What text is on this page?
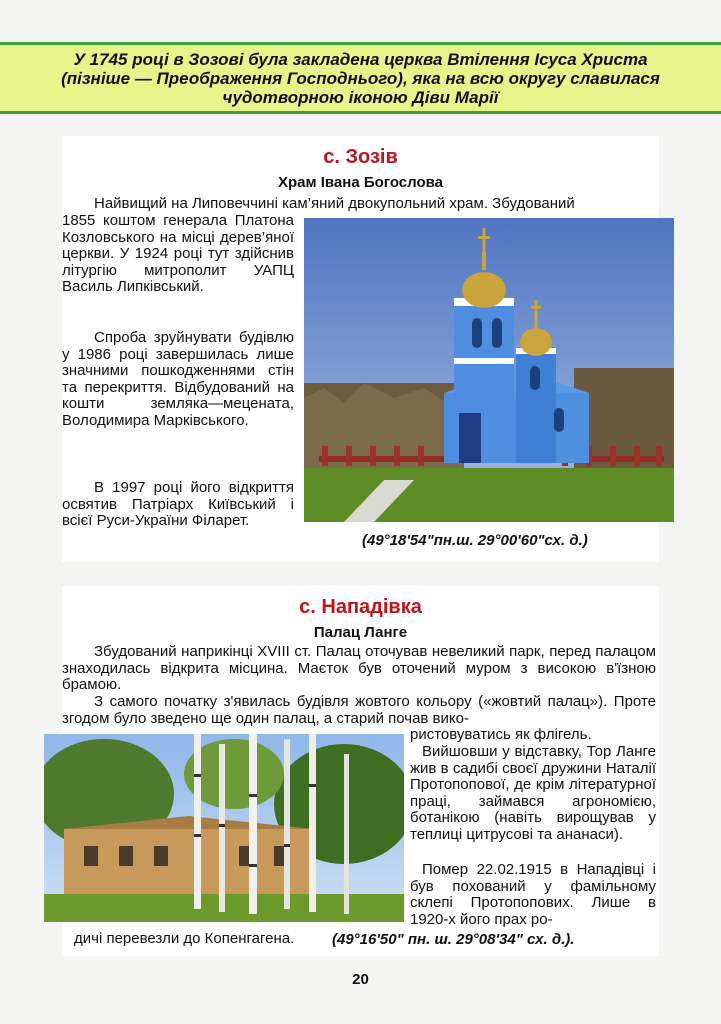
У 1745 році в Зозові була закладена церква Втілення Ісуса Христа (пізніше — Преображення Господнього), яка на всю округу славилася чудотворною іконою Діви Марії
с. Зозів
Храм Івана Богослова

Найвищий на Липовеччині кам’яний двокупольний храм. Збудований

1855 коштом генерала Платона Козловського на місці дерев’яної церкви. У 1924 році тут здійснив літургію митрополит УАПЦ Василь Липківський.

Спроба зруйнувати будівлю у 1986 році завершилась лише значними пошкодженнями стін та перекриття. Відбудований на кошти земляка—мецената, Володимира Марківського.

В 1997 році його відкриття освятив Патріарх Київський і всієї Руси-України Філарет.

(49°18'54"пн.ш. 29°00'60"сх. д.)
с. Нападівка
Палац Ланге

Збудований наприкінці XVIII ст. Палац оточував невеликий парк, перед палацом знаходилась відкрита місцина. Маєток був оточений муром з високою в'їзною брамою.

З самого початку з'явилась будівля жовтого кольору («жовтий палац»). Проте згодом було зведено ще один палац, а старий почав вико-

ристовуватись як флігель.

Вийшовши у відставку, Тор Ланге жив в садибі своєї дружини Наталії Протопопової, де крім літературної праці, займався агрономією, ботанікою (навіть вирощував у теплиці цитрусові та ананаси).

Помер 22.02.1915 в Нападівці і був похований у фамільному склепі Протопопових. Лише в 1920-х його прах ро-

дичі перевезли до Копенгагена.	(49°16'50" пн. ш. 29°08'34" сх. д.).
20
